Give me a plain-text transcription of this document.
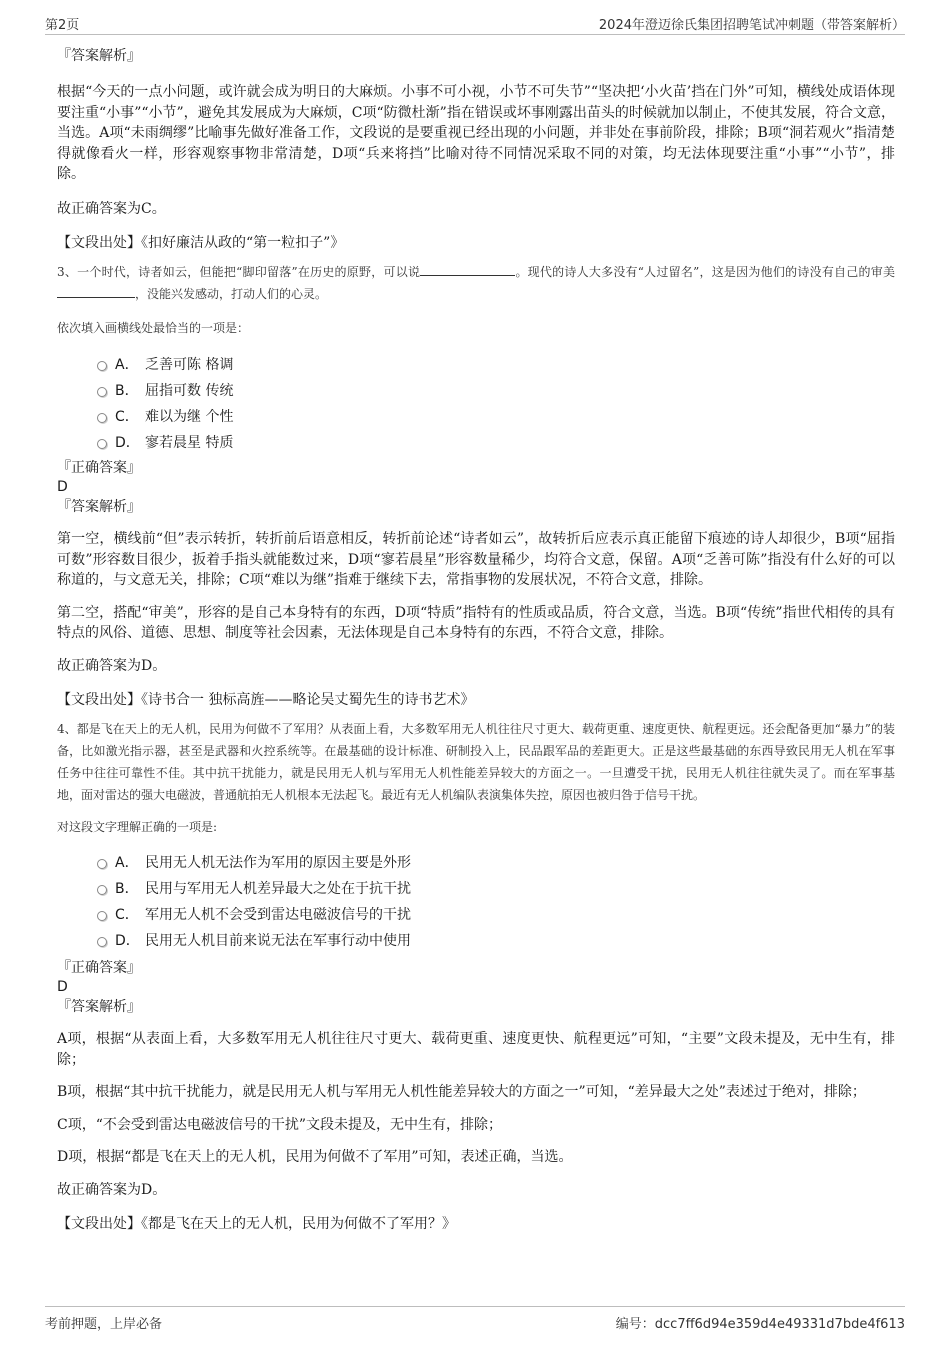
第2页	2024年澄迈徐氏集团招聘笔试冲刺题（带答案解析）

『答案解析』

根据“今天的一点小问题，或许就会成为明日的大麻烦。小事不可小视，小节不可失节”“坚决把‘小火苗’挡在门外”可知，横线处成语体现要注重“小事”“小节”，避免其发展成为大麻烦，C项“防微杜渐”指在错误或坏事刚露出苗头的时候就加以制止，不使其发展，符合文意，当选。A项“未雨绸缪”比喻事先做好准备工作，文段说的是要重视已经出现的小问题，并非处在事前阶段，排除；B项“洞若观火”指清楚得就像看火一样，形容观察事物非常清楚，D项“兵来将挡”比喻对待不同情况采取不同的对策，均无法体现要注重“小事”“小节”，排除。

故正确答案为C。

【文段出处】《扣好廉洁从政的“第一粒扣子”》

3、一个时代，诗者如云，但能把“脚印留落”在历史的原野，可以说	。现代的诗人大多没有“人过留名”，这是因为他们的诗没有自己的审美，没能兴发感动，打动人们的心灵。

依次填入画横线处最恰当的一项是：

A． 乏善可陈 格调
B． 屈指可数 传统
C． 难以为继 个性
D． 寥若晨星 特质

『正确答案』

D

『答案解析』

第一空，横线前“但”表示转折，转折前后语意相反，转折前论述“诗者如云”，故转折后应表示真正能留下痕迹的诗人却很少，B项“屈指可数”形容数目很少，扳着手指头就能数过来，D项“寥若晨星”形容数量稀少，均符合文意，保留。A项“乏善可陈”指没有什么好的可以称道的，与文意无关，排除；C项“难以为继”指难于继续下去，常指事物的发展状况，不符合文意，排除。

第二空，搭配“审美”，形容的是自己本身特有的东西，D项“特质”指特有的性质或品质，符合文意，当选。B项“传统”指世代相传的具有特点的风俗、道德、思想、制度等社会因素，无法体现是自己本身特有的东西，不符合文意，排除。

故正确答案为D。

【文段出处】《诗书合一 独标高旌——略论吴丈蜀先生的诗书艺术》

4、都是飞在天上的无人机，民用为何做不了军用？从表面上看，大多数军用无人机往往尺寸更大、载荷更重、速度更快、航程更远。还会配备更加“暴力”的装备，比如激光指示器，甚至是武器和火控系统等。在最基础的设计标准、研制投入上，民品跟军品的差距更大。正是这些最基础的东西导致民用无人机在军事任务中往往可靠性不佳。其中抗干扰能力，就是民用无人机与军用无人机性能差异较大的方面之一。一旦遭受干扰，民用无人机往往就失灵了。而在军事基地，面对雷达的强大电磁波，普通航拍无人机根本无法起飞。最近有无人机编队表演集体失控，原因也被归咎于信号干扰。

对这段文字理解正确的一项是:

A． 民用无人机无法作为军用的原因主要是外形
B． 民用与军用无人机差异最大之处在于抗干扰
C． 军用无人机不会受到雷达电磁波信号的干扰
D． 民用无人机目前来说无法在军事行动中使用

『正确答案』

D

『答案解析』

A项，根据“从表面上看，大多数军用无人机往往尺寸更大、载荷更重、速度更快、航程更远”可知，“主要”文段未提及，无中生有，排除；

B项，根据“其中抗干扰能力，就是民用无人机与军用无人机性能差异较大的方面之一”可知，“差异最大之处”表述过于绝对，排除；

C项，“不会受到雷达电磁波信号的干扰”文段未提及，无中生有，排除；

D项，根据“都是飞在天上的无人机，民用为何做不了军用”可知，表述正确，当选。

故正确答案为D。

【文段出处】《都是飞在天上的无人机，民用为何做不了军用？》

考前押题，上岸必备	编号：dcc7ff6d94e359d4e49331d7bde4f613
